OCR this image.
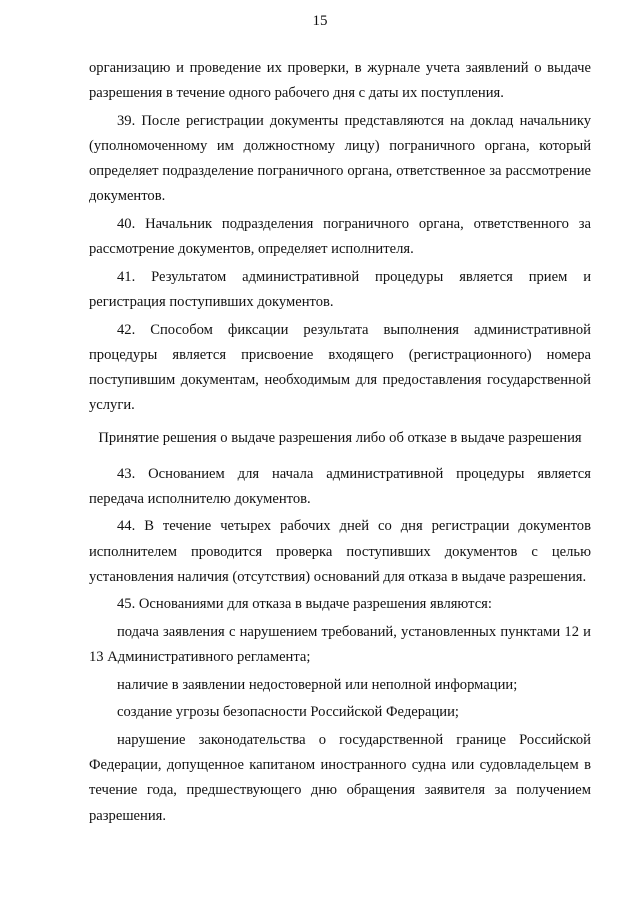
15

организацию и проведение их проверки, в журнале учета заявлений о выдаче разрешения в течение одного рабочего дня с даты их поступления.

39. После регистрации документы представляются на доклад начальнику (уполномоченному им должностному лицу) пограничного органа, который определяет подразделение пограничного органа, ответственное за рассмотрение документов.

40. Начальник подразделения пограничного органа, ответственного за рассмотрение документов, определяет исполнителя.

41. Результатом административной процедуры является прием и регистрация поступивших документов.

42. Способом фиксации результата выполнения административной процедуры является присвоение входящего (регистрационного) номера поступившим документам, необходимым для предоставления государственной услуги.

Принятие решения о выдаче разрешения либо об отказе в выдаче разрешения

43. Основанием для начала административной процедуры является передача исполнителю документов.

44. В течение четырех рабочих дней со дня регистрации документов исполнителем проводится проверка поступивших документов с целью установления наличия (отсутствия) оснований для отказа в выдаче разрешения.

45. Основаниями для отказа в выдаче разрешения являются:

подача заявления с нарушением требований, установленных пунктами 12 и 13 Административного регламента;

наличие в заявлении недостоверной или неполной информации;

создание угрозы безопасности Российской Федерации;

нарушение законодательства о государственной границе Российской Федерации, допущенное капитаном иностранного судна или судовладельцем в течение года, предшествующего дню обращения заявителя за получением разрешения.
